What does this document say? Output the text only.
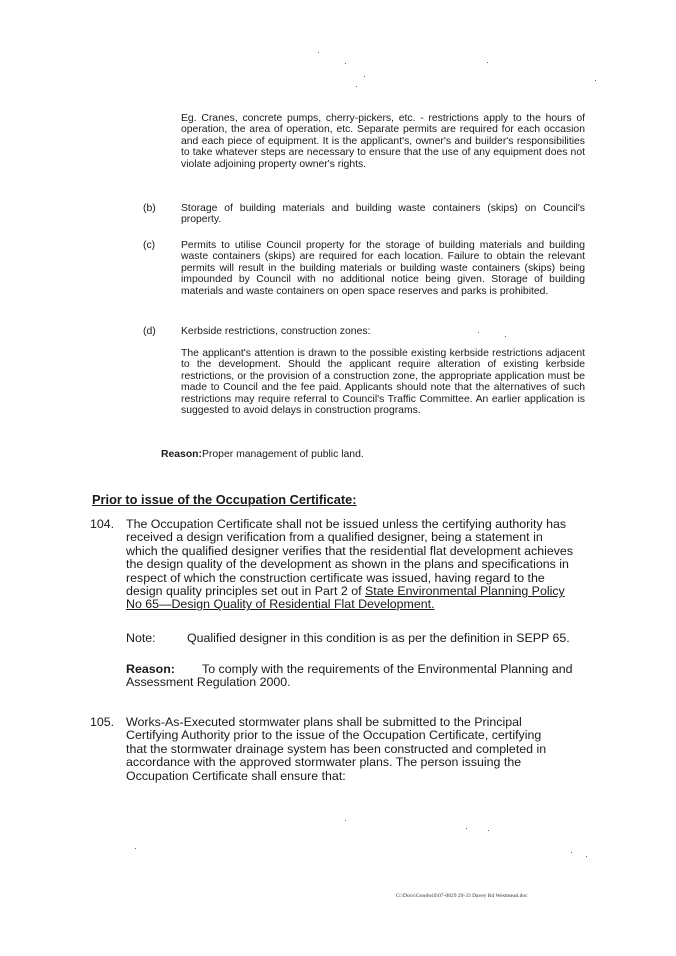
Eg. Cranes, concrete pumps, cherry-pickers, etc. - restrictions apply to the hours of operation, the area of operation, etc. Separate permits are required for each occasion and each piece of equipment. It is the applicant's, owner's and builder's responsibilities to take whatever steps are necessary to ensure that the use of any equipment does not violate adjoining property owner's rights.

(b) Storage of building materials and building waste containers (skips) on Council's property.

(c) Permits to utilise Council property for the storage of building materials and building waste containers (skips) are required for each location. Failure to obtain the relevant permits will result in the building materials or building waste containers (skips) being impounded by Council with no additional notice being given. Storage of building materials and waste containers on open space reserves and parks is prohibited.

(d) Kerbside restrictions, construction zones:

The applicant's attention is drawn to the possible existing kerbside restrictions adjacent to the development. Should the applicant require alteration of existing kerbside restrictions, or the provision of a construction zone, the appropriate application must be made to Council and the fee paid. Applicants should note that the alternatives of such restrictions may require referral to Council's Traffic Committee. An earlier application is suggested to avoid delays in construction programs.

Reason:Proper management of public land.

Prior to issue of the Occupation Certificate:

104. The Occupation Certificate shall not be issued unless the certifying authority has received a design verification from a qualified designer, being a statement in which the qualified designer verifies that the residential flat development achieves the design quality of the development as shown in the plans and specifications in respect of which the construction certificate was issued, having regard to the design quality principles set out in Part 2 of State Environmental Planning Policy No 65—Design Quality of Residential Flat Development.

Note:	Qualified designer in this condition is as per the definition in SEPP 65.

Reason:	To comply with the requirements of the Environmental Planning and Assessment Regulation 2000.

105. Works-As-Executed stormwater plans shall be submitted to the Principal Certifying Authority prior to the issue of the Occupation Certificate, certifying that the stormwater drainage system has been constructed and completed in accordance with the approved stormwater plans. The person issuing the Occupation Certificate shall ensure that:

G:\Docs\Goodwill\07-0829 29-33 Davey Rd Westmead.doc
